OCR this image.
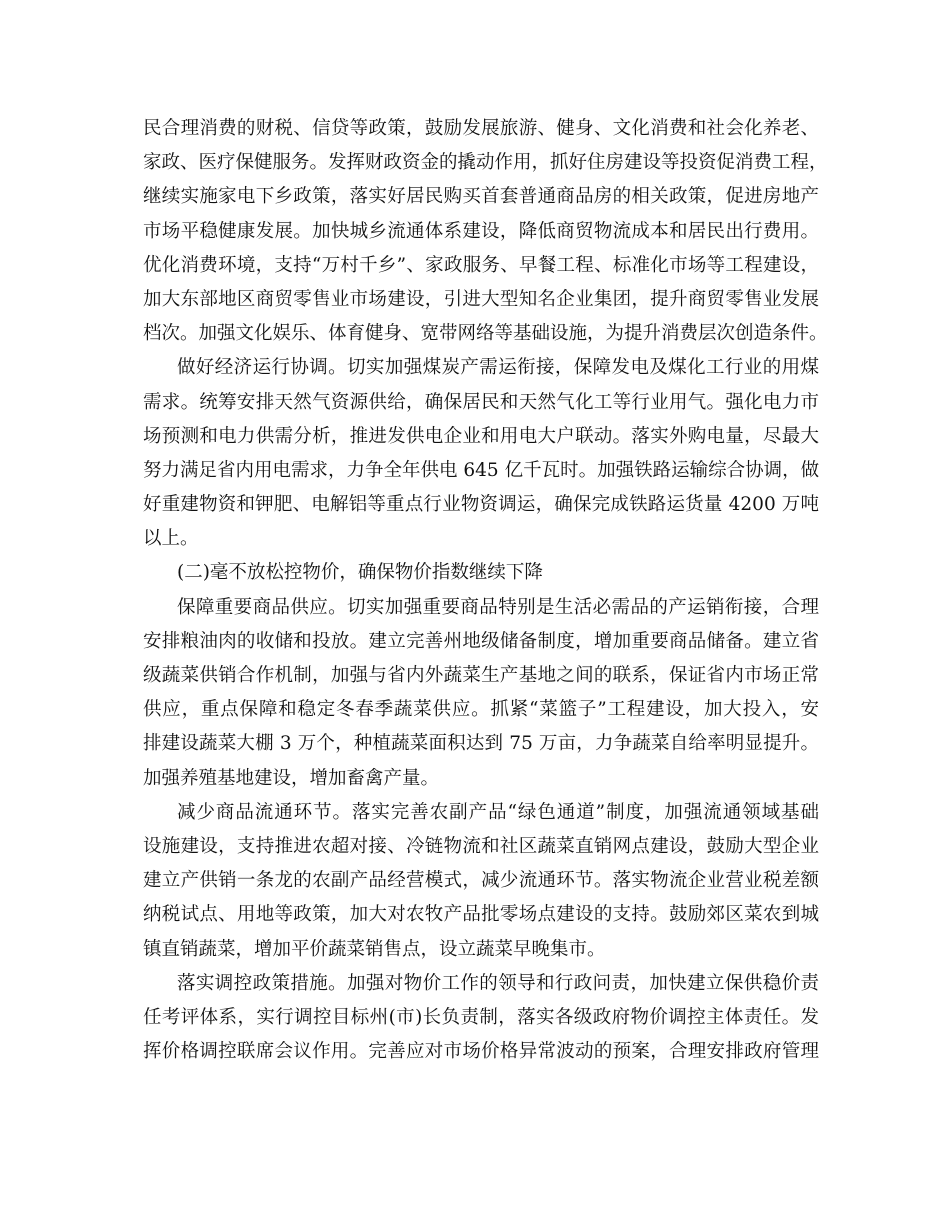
民合理消费的财税、信贷等政策，鼓励发展旅游、健身、文化消费和社会化养老、
家政、医疗保健服务。发挥财政资金的撬动作用，抓好住房建设等投资促消费工程，
继续实施家电下乡政策，落实好居民购买首套普通商品房的相关政策，促进房地产
市场平稳健康发展。加快城乡流通体系建设，降低商贸物流成本和居民出行费用。
优化消费环境，支持“万村千乡”、家政服务、早餐工程、标准化市场等工程建设，
加大东部地区商贸零售业市场建设，引进大型知名企业集团，提升商贸零售业发展
档次。加强文化娱乐、体育健身、宽带网络等基础设施，为提升消费层次创造条件。
做好经济运行协调。切实加强煤炭产需运衔接，保障发电及煤化工行业的用煤
需求。统筹安排天然气资源供给，确保居民和天然气化工等行业用气。强化电力市
场预测和电力供需分析，推进发供电企业和用电大户联动。落实外购电量，尽最大
努力满足省内用电需求，力争全年供电 645 亿千瓦时。加强铁路运输综合协调，做
好重建物资和钾肥、电解铝等重点行业物资调运，确保完成铁路运货量 4200 万吨
以上。
(二)毫不放松控物价，确保物价指数继续下降
保障重要商品供应。切实加强重要商品特别是生活必需品的产运销衔接，合理
安排粮油肉的收储和投放。建立完善州地级储备制度，增加重要商品储备。建立省
级蔬菜供销合作机制，加强与省内外蔬菜生产基地之间的联系，保证省内市场正常
供应，重点保障和稳定冬春季蔬菜供应。抓紧“菜篮子”工程建设，加大投入，安
排建设蔬菜大棚 3 万个，种植蔬菜面积达到 75 万亩，力争蔬菜自给率明显提升。
加强养殖基地建设，增加畜禽产量。
减少商品流通环节。落实完善农副产品“绿色通道”制度，加强流通领域基础
设施建设，支持推进农超对接、冷链物流和社区蔬菜直销网点建设，鼓励大型企业
建立产供销一条龙的农副产品经营模式，减少流通环节。落实物流企业营业税差额
纳税试点、用地等政策，加大对农牧产品批零场点建设的支持。鼓励郊区菜农到城
镇直销蔬菜，增加平价蔬菜销售点，设立蔬菜早晚集市。
落实调控政策措施。加强对物价工作的领导和行政问责，加快建立保供稳价责
任考评体系，实行调控目标州(市)长负责制，落实各级政府物价调控主体责任。发
挥价格调控联席会议作用。完善应对市场价格异常波动的预案，合理安排政府管理
